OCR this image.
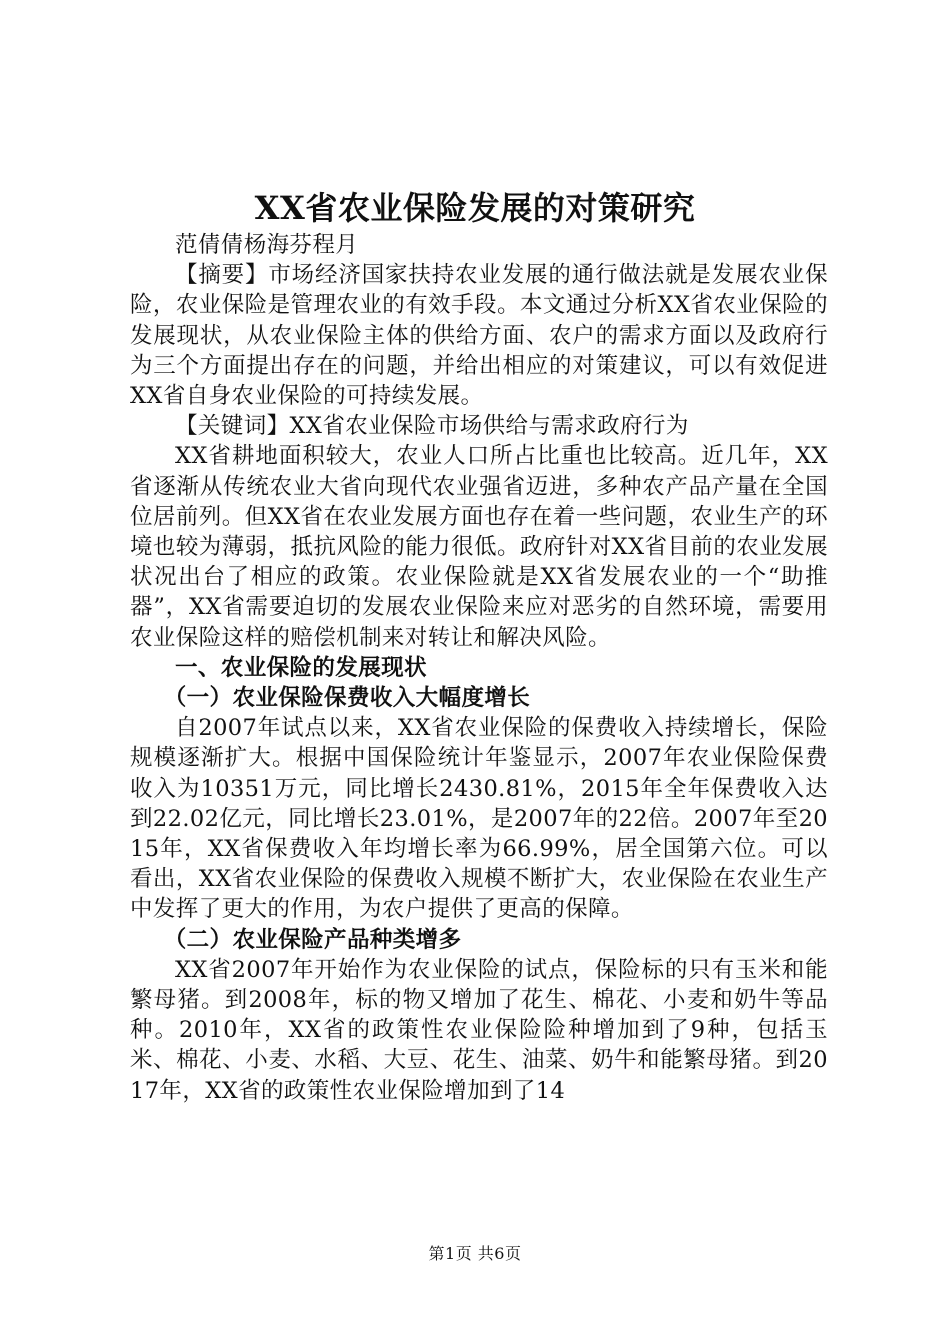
XX省农业保险发展的对策研究

范倩倩杨海芬程月

【摘要】市场经济国家扶持农业发展的通行做法就是发展农业保险，农业保险是管理农业的有效手段。本文通过分析XX省农业保险的发展现状，从农业保险主体的供给方面、农户的需求方面以及政府行为三个方面提出存在的问题，并给出相应的对策建议，可以有效促进XX省自身农业保险的可持续发展。

【关键词】XX省农业保险市场供给与需求政府行为

XX省耕地面积较大，农业人口所占比重也比较高。近几年，XX省逐渐从传统农业大省向现代农业强省迈进，多种农产品产量在全国位居前列。但XX省在农业发展方面也存在着一些问题，农业生产的环境也较为薄弱，抵抗风险的能力很低。政府针对XX省目前的农业发展状况出台了相应的政策。农业保险就是XX省发展农业的一个“助推器”，XX省需要迫切的发展农业保险来应对恶劣的自然环境，需要用农业保险这样的赔偿机制来对转让和解决风险。

一、农业保险的发展现状

（一）农业保险保费收入大幅度增长

自2007年试点以来，XX省农业保险的保费收入持续增长，保险规模逐渐扩大。根据中国保险统计年鉴显示，2007年农业保险保费收入为10351万元，同比增长2430.81%，2015年全年保费收入达到22.02亿元，同比增长23.01%，是2007年的22倍。2007年至2015年，XX省保费收入年均增长率为66.99%，居全国第六位。可以看出，XX省农业保险的保费收入规模不断扩大，农业保险在农业生产中发挥了更大的作用，为农户提供了更高的保障。

（二）农业保险产品种类增多

XX省2007年开始作为农业保险的试点，保险标的只有玉米和能繁母猪。到2008年，标的物又增加了花生、棉花、小麦和奶牛等品种。2010年，XX省的政策性农业保险险种增加到了9种，包括玉米、棉花、小麦、水稻、大豆、花生、油菜、奶牛和能繁母猪。到2017年，XX省的政策性农业保险增加到了14

第1页 共6页
